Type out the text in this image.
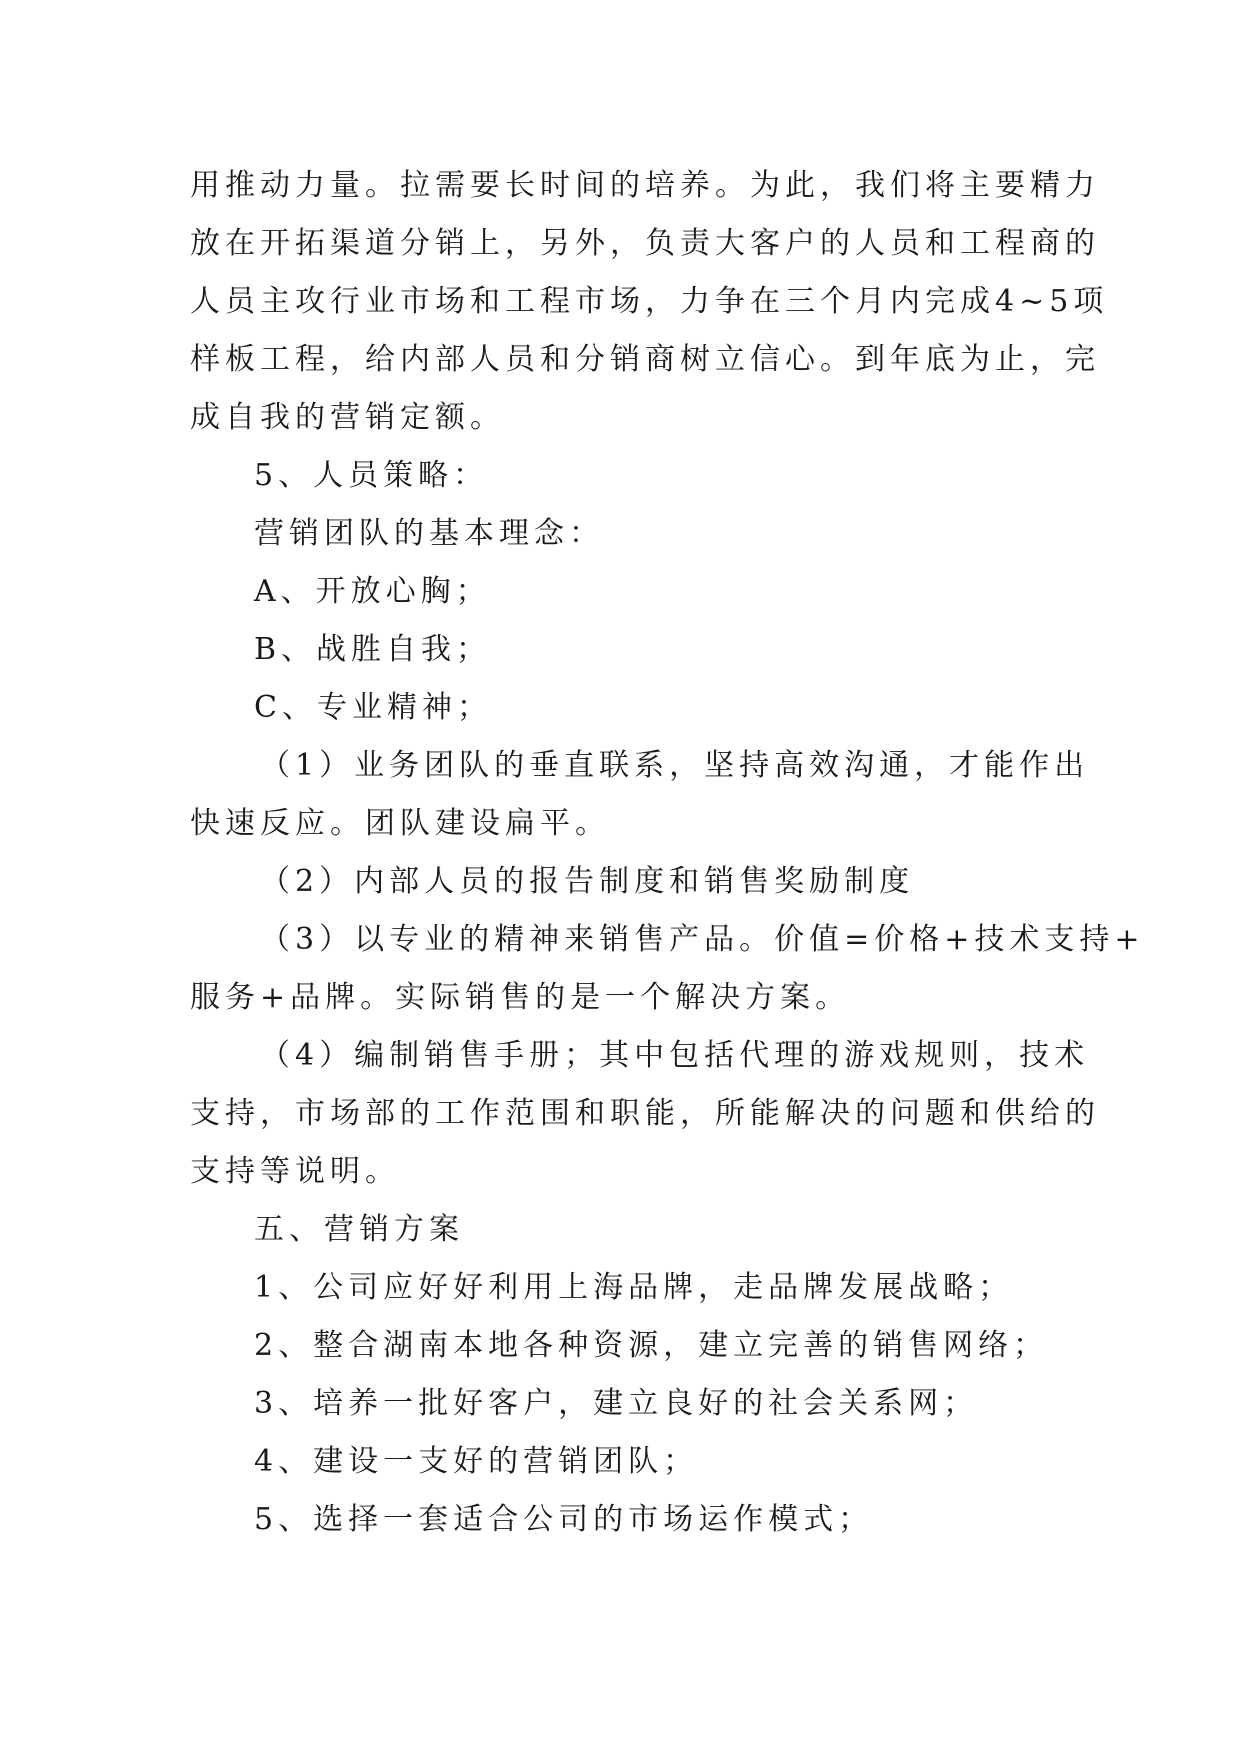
用推动力量。拉需要长时间的培养。为此，我们将主要精力
放在开拓渠道分销上，另外，负责大客户的人员和工程商的
人员主攻行业市场和工程市场，力争在三个月内完成4~5项
样板工程，给内部人员和分销商树立信心。到年底为止，完
成自我的营销定额。
5、人员策略：
营销团队的基本理念：
A、开放心胸；
B、战胜自我；
C、专业精神；
（1）业务团队的垂直联系，坚持高效沟通，才能作出
快速反应。团队建设扁平。
（2）内部人员的报告制度和销售奖励制度
（3）以专业的精神来销售产品。价值=价格+技术支持+
服务+品牌。实际销售的是一个解决方案。
（4）编制销售手册；其中包括代理的游戏规则，技术
支持，市场部的工作范围和职能，所能解决的问题和供给的
支持等说明。
五、营销方案
1、公司应好好利用上海品牌，走品牌发展战略；
2、整合湖南本地各种资源，建立完善的销售网络；
3、培养一批好客户，建立良好的社会关系网；
4、建设一支好的营销团队；
5、选择一套适合公司的市场运作模式；
